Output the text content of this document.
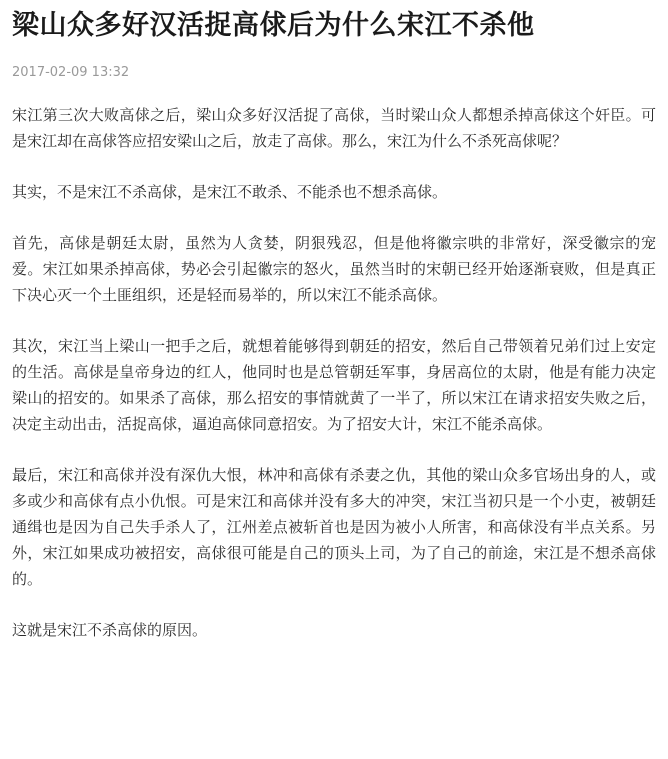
梁山众多好汉活捉高俅后为什么宋江不杀他
2017-02-09 13:32

宋江第三次大败高俅之后，梁山众多好汉活捉了高俅，当时梁山众人都想杀掉高俅这个奸臣。可是宋江却在高俅答应招安梁山之后，放走了高俅。那么，宋江为什么不杀死高俅呢？

其实，不是宋江不杀高俅，是宋江不敢杀、不能杀也不想杀高俅。

首先，高俅是朝廷太尉，虽然为人贪婪，阴狠残忍，但是他将徽宗哄的非常好，深受徽宗的宠爱。宋江如果杀掉高俅，势必会引起徽宗的怒火，虽然当时的宋朝已经开始逐渐衰败，但是真正下决心灭一个土匪组织，还是轻而易举的，所以宋江不能杀高俅。

其次，宋江当上梁山一把手之后，就想着能够得到朝廷的招安，然后自己带领着兄弟们过上安定的生活。高俅是皇帝身边的红人，他同时也是总管朝廷军事，身居高位的太尉，他是有能力决定梁山的招安的。如果杀了高俅，那么招安的事情就黄了一半了，所以宋江在请求招安失败之后，决定主动出击，活捉高俅，逼迫高俅同意招安。为了招安大计，宋江不能杀高俅。

最后，宋江和高俅并没有深仇大恨，林冲和高俅有杀妻之仇，其他的梁山众多官场出身的人，或多或少和高俅有点小仇恨。可是宋江和高俅并没有多大的冲突，宋江当初只是一个小吏，被朝廷通缉也是因为自己失手杀人了，江州差点被斩首也是因为被小人所害，和高俅没有半点关系。另外，宋江如果成功被招安，高俅很可能是自己的顶头上司，为了自己的前途，宋江是不想杀高俅的。

这就是宋江不杀高俅的原因。
